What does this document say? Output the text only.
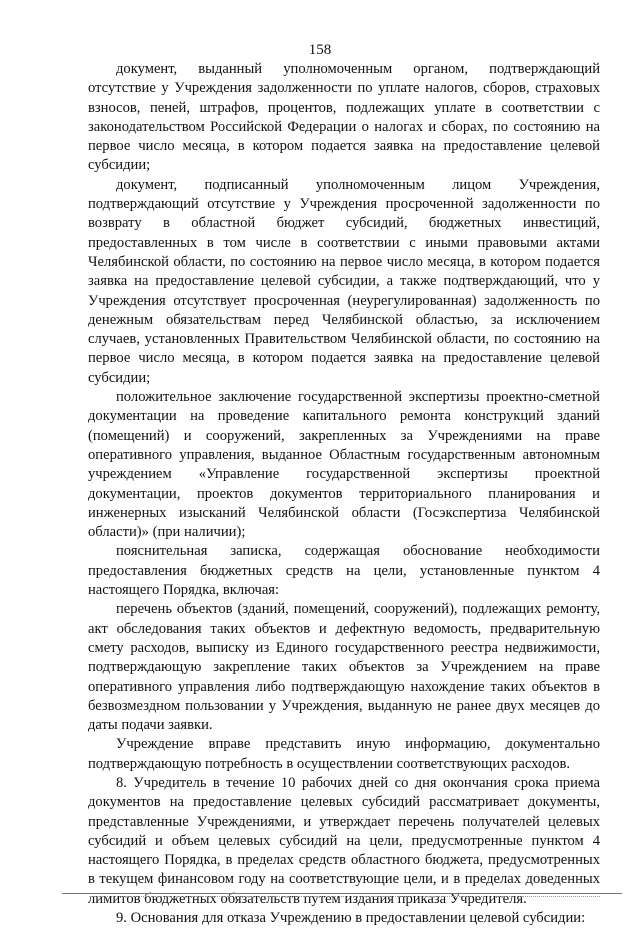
158

документ, выданный уполномоченным органом, подтверждающий отсутствие у Учреждения задолженности по уплате налогов, сборов, страховых взносов, пеней, штрафов, процентов, подлежащих уплате в соответствии с законодательством Российской Федерации о налогах и сборах, по состоянию на первое число месяца, в котором подается заявка на предоставление целевой субсидии;

документ, подписанный уполномоченным лицом Учреждения, подтверждающий отсутствие у Учреждения просроченной задолженности по возврату в областной бюджет субсидий, бюджетных инвестиций, предоставленных в том числе в соответствии с иными правовыми актами Челябинской области, по состоянию на первое число месяца, в котором подается заявка на предоставление целевой субсидии, а также подтверждающий, что у Учреждения отсутствует просроченная (неурегулированная) задолженность по денежным обязательствам перед Челябинской областью, за исключением случаев, установленных Правительством Челябинской области, по состоянию на первое число месяца, в котором подается заявка на предоставление целевой субсидии;

положительное заключение государственной экспертизы проектно-сметной документации на проведение капитального ремонта конструкций зданий (помещений) и сооружений, закрепленных за Учреждениями на праве оперативного управления, выданное Областным государственным автономным учреждением «Управление государственной экспертизы проектной документации, проектов документов территориального планирования и инженерных изысканий Челябинской области (Госэкспертиза Челябинской области)» (при наличии);

пояснительная записка, содержащая обоснование необходимости предоставления бюджетных средств на цели, установленные пунктом 4 настоящего Порядка, включая:

перечень объектов (зданий, помещений, сооружений), подлежащих ремонту, акт обследования таких объектов и дефектную ведомость, предварительную смету расходов, выписку из Единого государственного реестра недвижимости, подтверждающую закрепление таких объектов за Учреждением на праве оперативного управления либо подтверждающую нахождение таких объектов в безвозмездном пользовании у Учреждения, выданную не ранее двух месяцев до даты подачи заявки.

Учреждение вправе представить иную информацию, документально подтверждающую потребность в осуществлении соответствующих расходов.

8. Учредитель в течение 10 рабочих дней со дня окончания срока приема документов на предоставление целевых субсидий рассматривает документы, представленные Учреждениями, и утверждает перечень получателей целевых субсидий и объем целевых субсидий на цели, предусмотренные пунктом 4 настоящего Порядка, в пределах средств областного бюджета, предусмотренных в текущем финансовом году на соответствующие цели, и в пределах доведенных лимитов бюджетных обязательств путем издания приказа Учредителя.

9. Основания для отказа Учреждению в предоставлении целевой субсидии:
